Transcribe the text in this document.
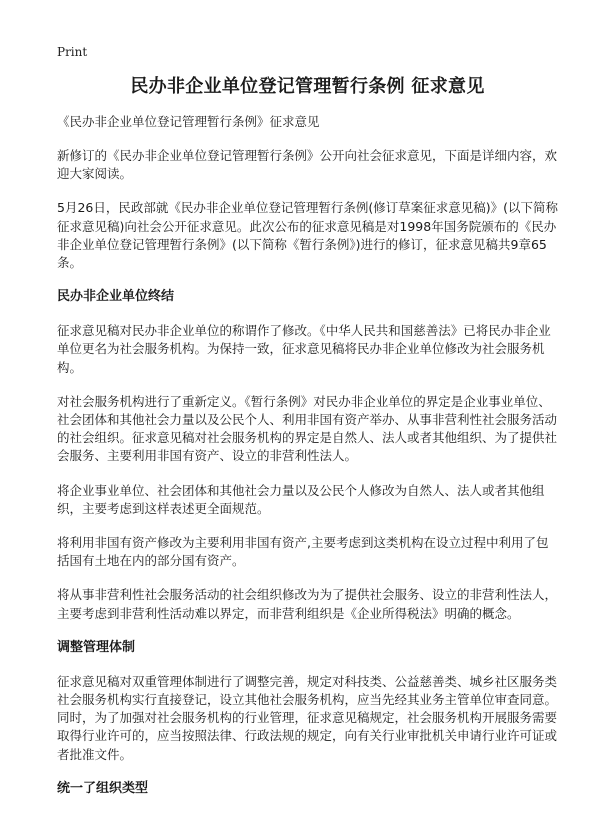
Print
民办非企业单位登记管理暂行条例 征求意见

《民办非企业单位登记管理暂行条例》征求意见

新修订的《民办非企业单位登记管理暂行条例》公开向社会征求意见，下面是详细内容，欢迎大家阅读。

5月26日，民政部就《民办非企业单位登记管理暂行条例(修订草案征求意见稿)》(以下简称征求意见稿)向社会公开征求意见。此次公布的征求意见稿是对1998年国务院颁布的《民办非企业单位登记管理暂行条例》(以下简称《暂行条例》)进行的修订，征求意见稿共9章65条。

民办非企业单位终结

征求意见稿对民办非企业单位的称谓作了修改。《中华人民共和国慈善法》已将民办非企业单位更名为社会服务机构。为保持一致，征求意见稿将民办非企业单位修改为社会服务机构。

对社会服务机构进行了重新定义。《暂行条例》对民办非企业单位的界定是企业事业单位、社会团体和其他社会力量以及公民个人、利用非国有资产举办、从事非营利性社会服务活动的社会组织。征求意见稿对社会服务机构的界定是自然人、法人或者其他组织、为了提供社会服务、主要利用非国有资产、设立的非营利性法人。

将企业事业单位、社会团体和其他社会力量以及公民个人修改为自然人、法人或者其他组织，主要考虑到这样表述更全面规范。

将利用非国有资产修改为主要利用非国有资产,主要考虑到这类机构在设立过程中利用了包括国有土地在内的部分国有资产。

将从事非营利性社会服务活动的社会组织修改为为了提供社会服务、设立的非营利性法人，主要考虑到非营利性活动难以界定，而非营利组织是《企业所得税法》明确的概念。

调整管理体制

征求意见稿对双重管理体制进行了调整完善，规定对科技类、公益慈善类、城乡社区服务类社会服务机构实行直接登记，设立其他社会服务机构，应当先经其业务主管单位审查同意。同时，为了加强对社会服务机构的行业管理，征求意见稿规定，社会服务机构开展服务需要取得行业许可的，应当按照法律、行政法规的规定，向有关行业审批机关申请行业许可证或者批准文件。

统一了组织类型
